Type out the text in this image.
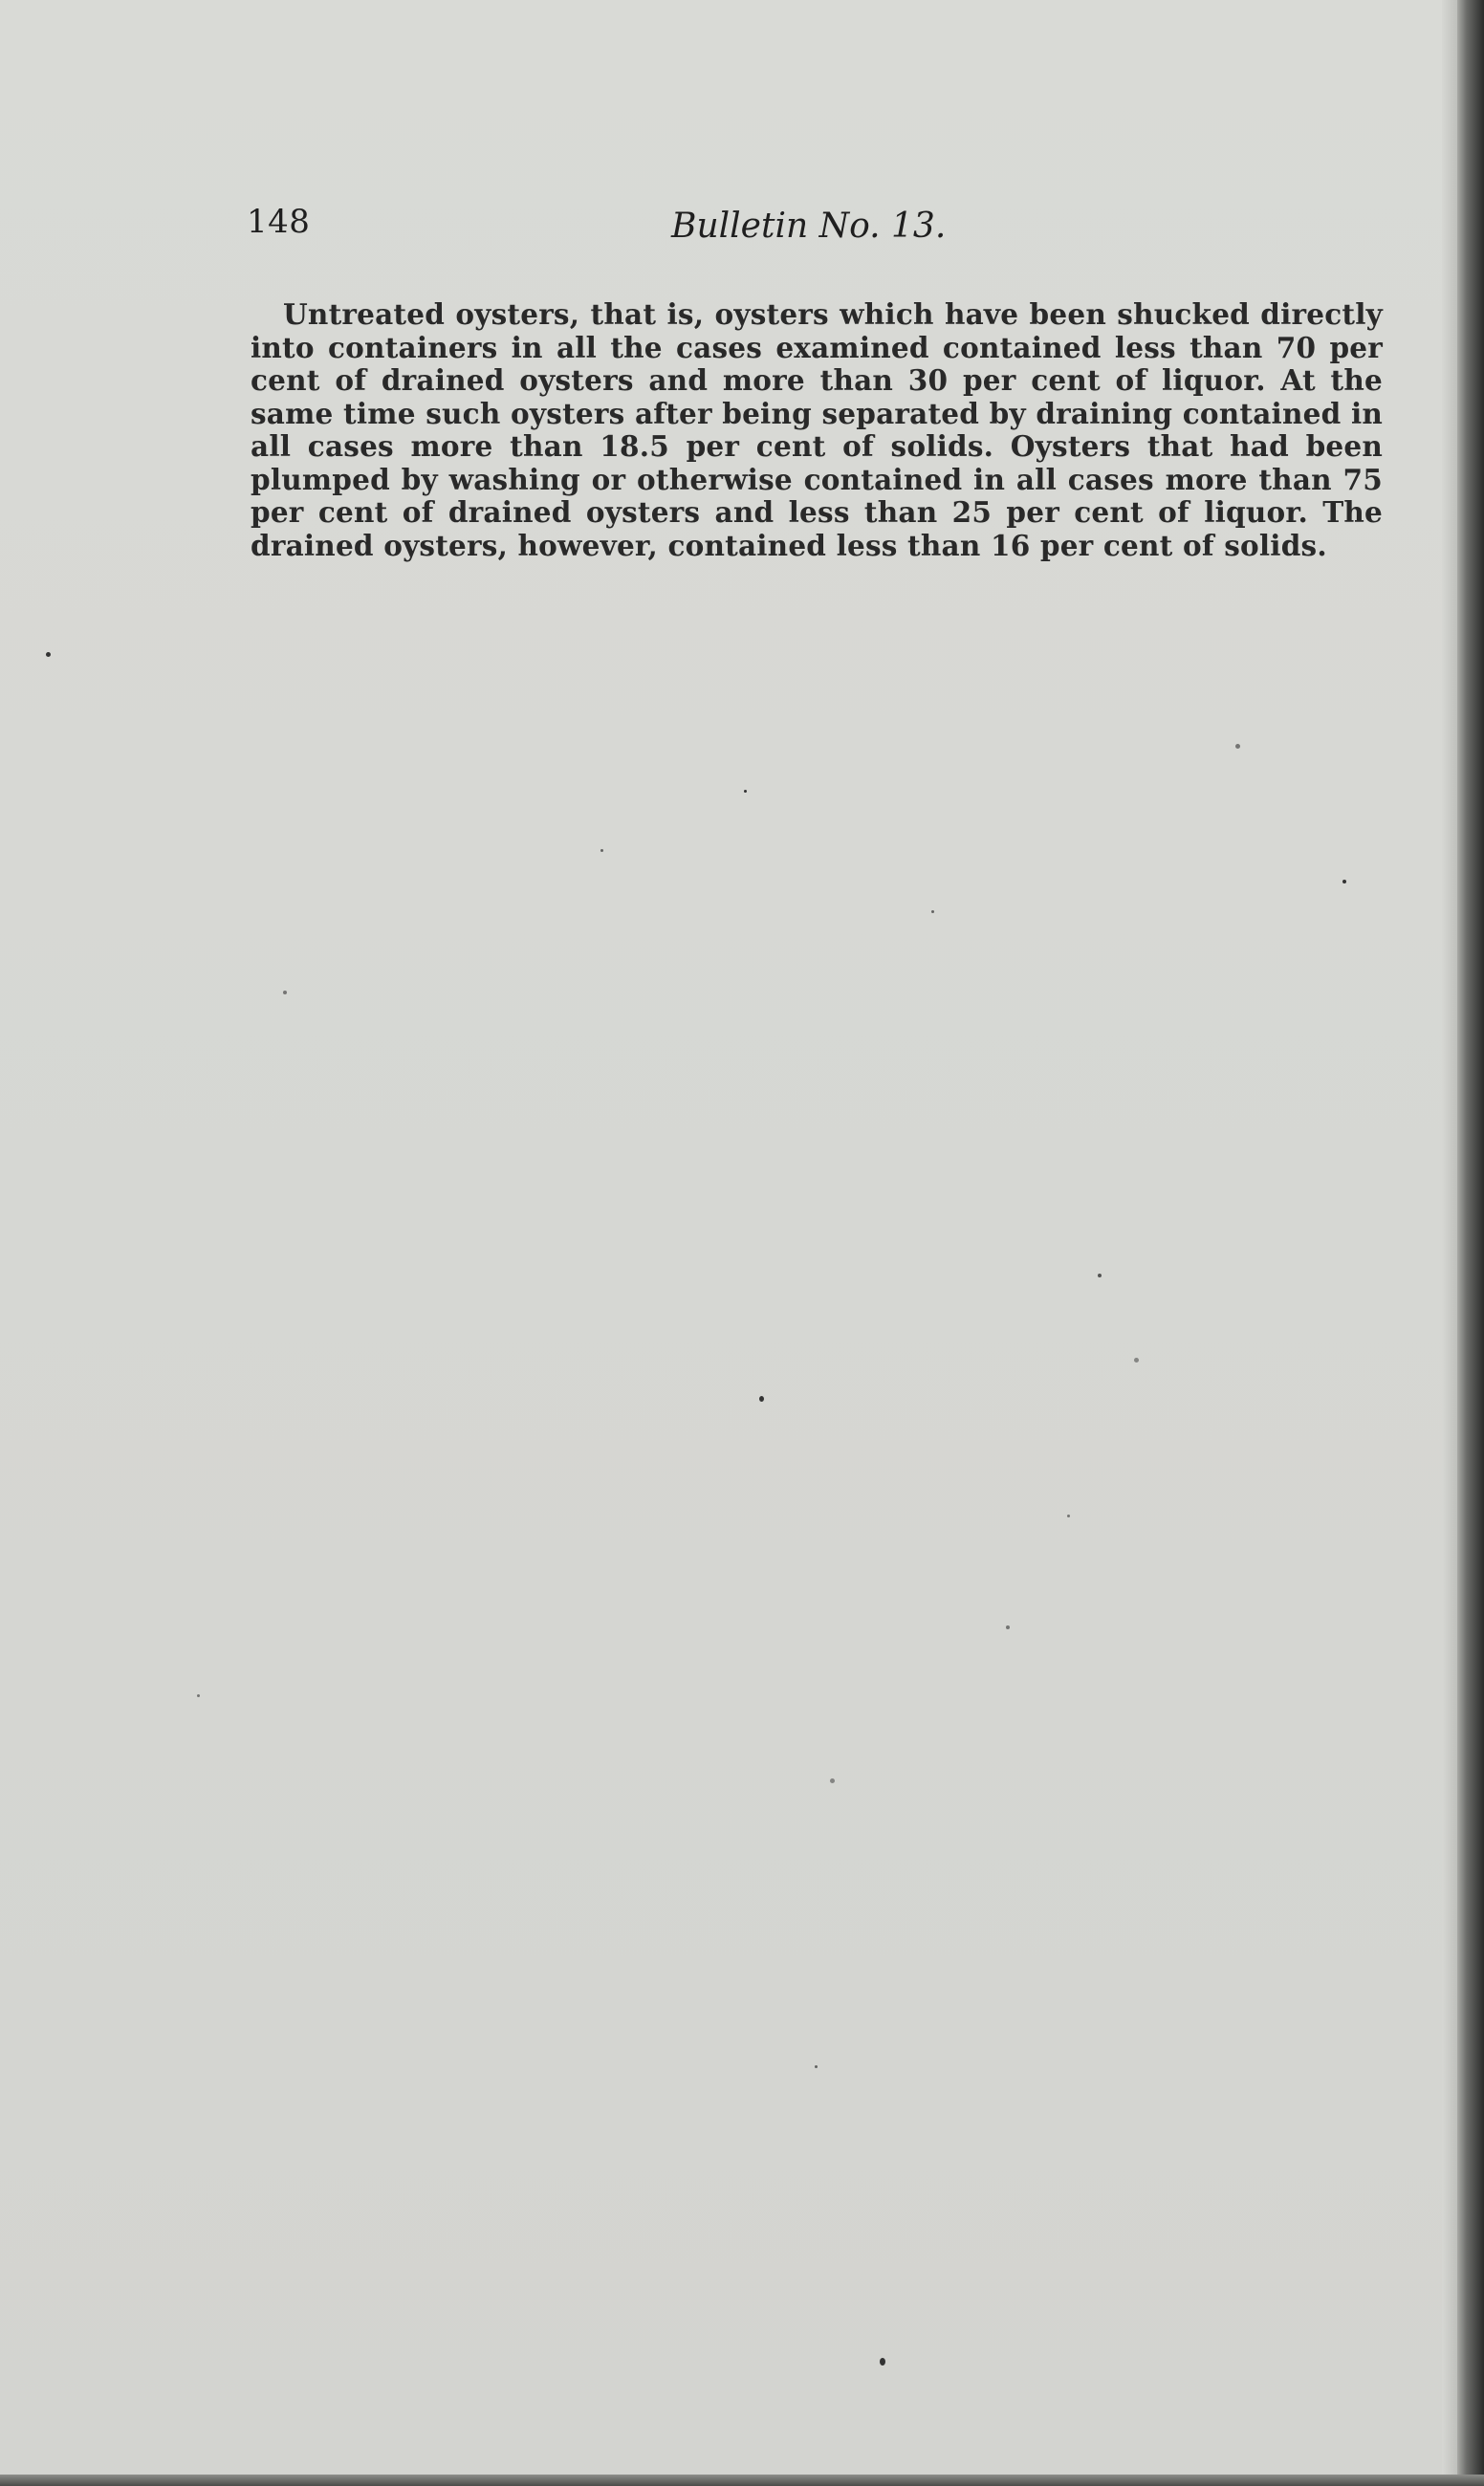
148	Bulletin No. 13.

Untreated oysters, that is, oysters which have been shucked directly into containers in all the cases examined contained less than 70 per cent of drained oysters and more than 30 per cent of liquor. At the same time such oysters after being separated by draining contained in all cases more than 18.5 per cent of solids. Oysters that had been plumped by washing or otherwise contained in all cases more than 75 per cent of drained oysters and less than 25 per cent of liquor. The drained oysters, however, contained less than 16 per cent of solids.
